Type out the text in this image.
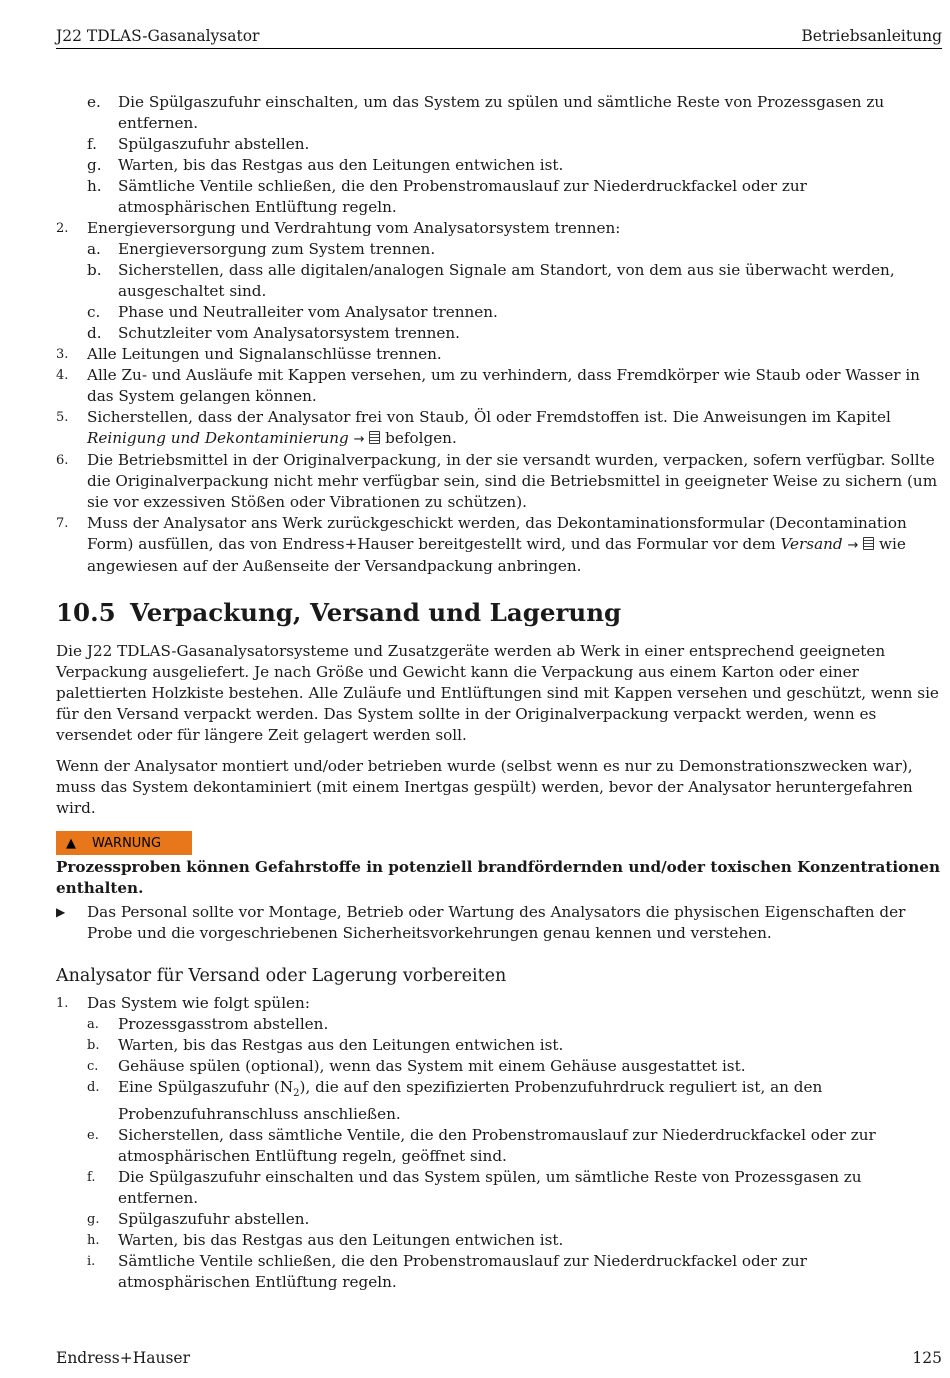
J22 TDLAS-Gasanalysator	Betriebsanleitung
e.	Die Spülgaszufuhr einschalten, um das System zu spülen und sämtliche Reste von Prozessgasen zu entfernen.
f.	Spülgaszufuhr abstellen.
g.	Warten, bis das Restgas aus den Leitungen entwichen ist.
h.	Sämtliche Ventile schließen, die den Probenstromauslauf zur Niederdruckfackel oder zur atmosphärischen Entlüftung regeln.
2.	Energieversorgung und Verdrahtung vom Analysatorsystem trennen:
a.	Energieversorgung zum System trennen.
b.	Sicherstellen, dass alle digitalen/analogen Signale am Standort, von dem aus sie überwacht werden, ausgeschaltet sind.
c.	Phase und Neutralleiter vom Analysator trennen.
d.	Schutzleiter vom Analysatorsystem trennen.
3.	Alle Leitungen und Signalanschlüsse trennen.
4.	Alle Zu- und Ausläufe mit Kappen versehen, um zu verhindern, dass Fremdkörper wie Staub oder Wasser in das System gelangen können.
5.	Sicherstellen, dass der Analysator frei von Staub, Öl oder Fremdstoffen ist. Die Anweisungen im Kapitel Reinigung und Dekontaminierung →  befolgen.
6.	Die Betriebsmittel in der Originalverpackung, in der sie versandt wurden, verpacken, sofern verfügbar. Sollte die Originalverpackung nicht mehr verfügbar sein, sind die Betriebsmittel in geeigneter Weise zu sichern (um sie vor exzessiven Stößen oder Vibrationen zu schützen).
7.	Muss der Analysator ans Werk zurückgeschickt werden, das Dekontaminationsformular (Decontamination Form) ausfüllen, das von Endress+Hauser bereitgestellt wird, und das Formular vor dem Versand →  wie angewiesen auf der Außenseite der Versandpackung anbringen.
10.5 Verpackung, Versand und Lagerung

Die J22 TDLAS-Gasanalysatorsysteme und Zusatzgeräte werden ab Werk in einer entsprechend geeigneten Verpackung ausgeliefert. Je nach Größe und Gewicht kann die Verpackung aus einem Karton oder einer palettierten Holzkiste bestehen. Alle Zuläufe und Entlüftungen sind mit Kappen versehen und geschützt, wenn sie für den Versand verpackt werden. Das System sollte in der Originalverpackung verpackt werden, wenn es versendet oder für längere Zeit gelagert werden soll.

Wenn der Analysator montiert und/oder betrieben wurde (selbst wenn es nur zu Demonstrationszwecken war), muss das System dekontaminiert (mit einem Inertgas gespült) werden, bevor der Analysator heruntergefahren wird.

▲ WARNUNG
Prozessproben können Gefahrstoffe in potenziell brandfördernden und/oder toxischen Konzentrationen enthalten.
▶	Das Personal sollte vor Montage, Betrieb oder Wartung des Analysators die physischen Eigenschaften der Probe und die vorgeschriebenen Sicherheitsvorkehrungen genau kennen und verstehen.
Analysator für Versand oder Lagerung vorbereiten
1.	Das System wie folgt spülen:
a.	Prozessgasstrom abstellen.
b.	Warten, bis das Restgas aus den Leitungen entwichen ist.
c.	Gehäuse spülen (optional), wenn das System mit einem Gehäuse ausgestattet ist.
d.	Eine Spülgaszufuhr $(N_2)$, die auf den spezifizierten Probenzufuhrdruck reguliert ist, an den Probenzufuhranschluss anschließen.
e.	Sicherstellen, dass sämtliche Ventile, die den Probenstromauslauf zur Niederdruckfackel oder zur atmosphärischen Entlüftung regeln, geöffnet sind.
f.	Die Spülgaszufuhr einschalten und das System spülen, um sämtliche Reste von Prozessgasen zu entfernen.
g.	Spülgaszufuhr abstellen.
h.	Warten, bis das Restgas aus den Leitungen entwichen ist.
i.	Sämtliche Ventile schließen, die den Probenstromauslauf zur Niederdruckfackel oder zur atmosphärischen Entlüftung regeln.
Endress+Hauser	125
